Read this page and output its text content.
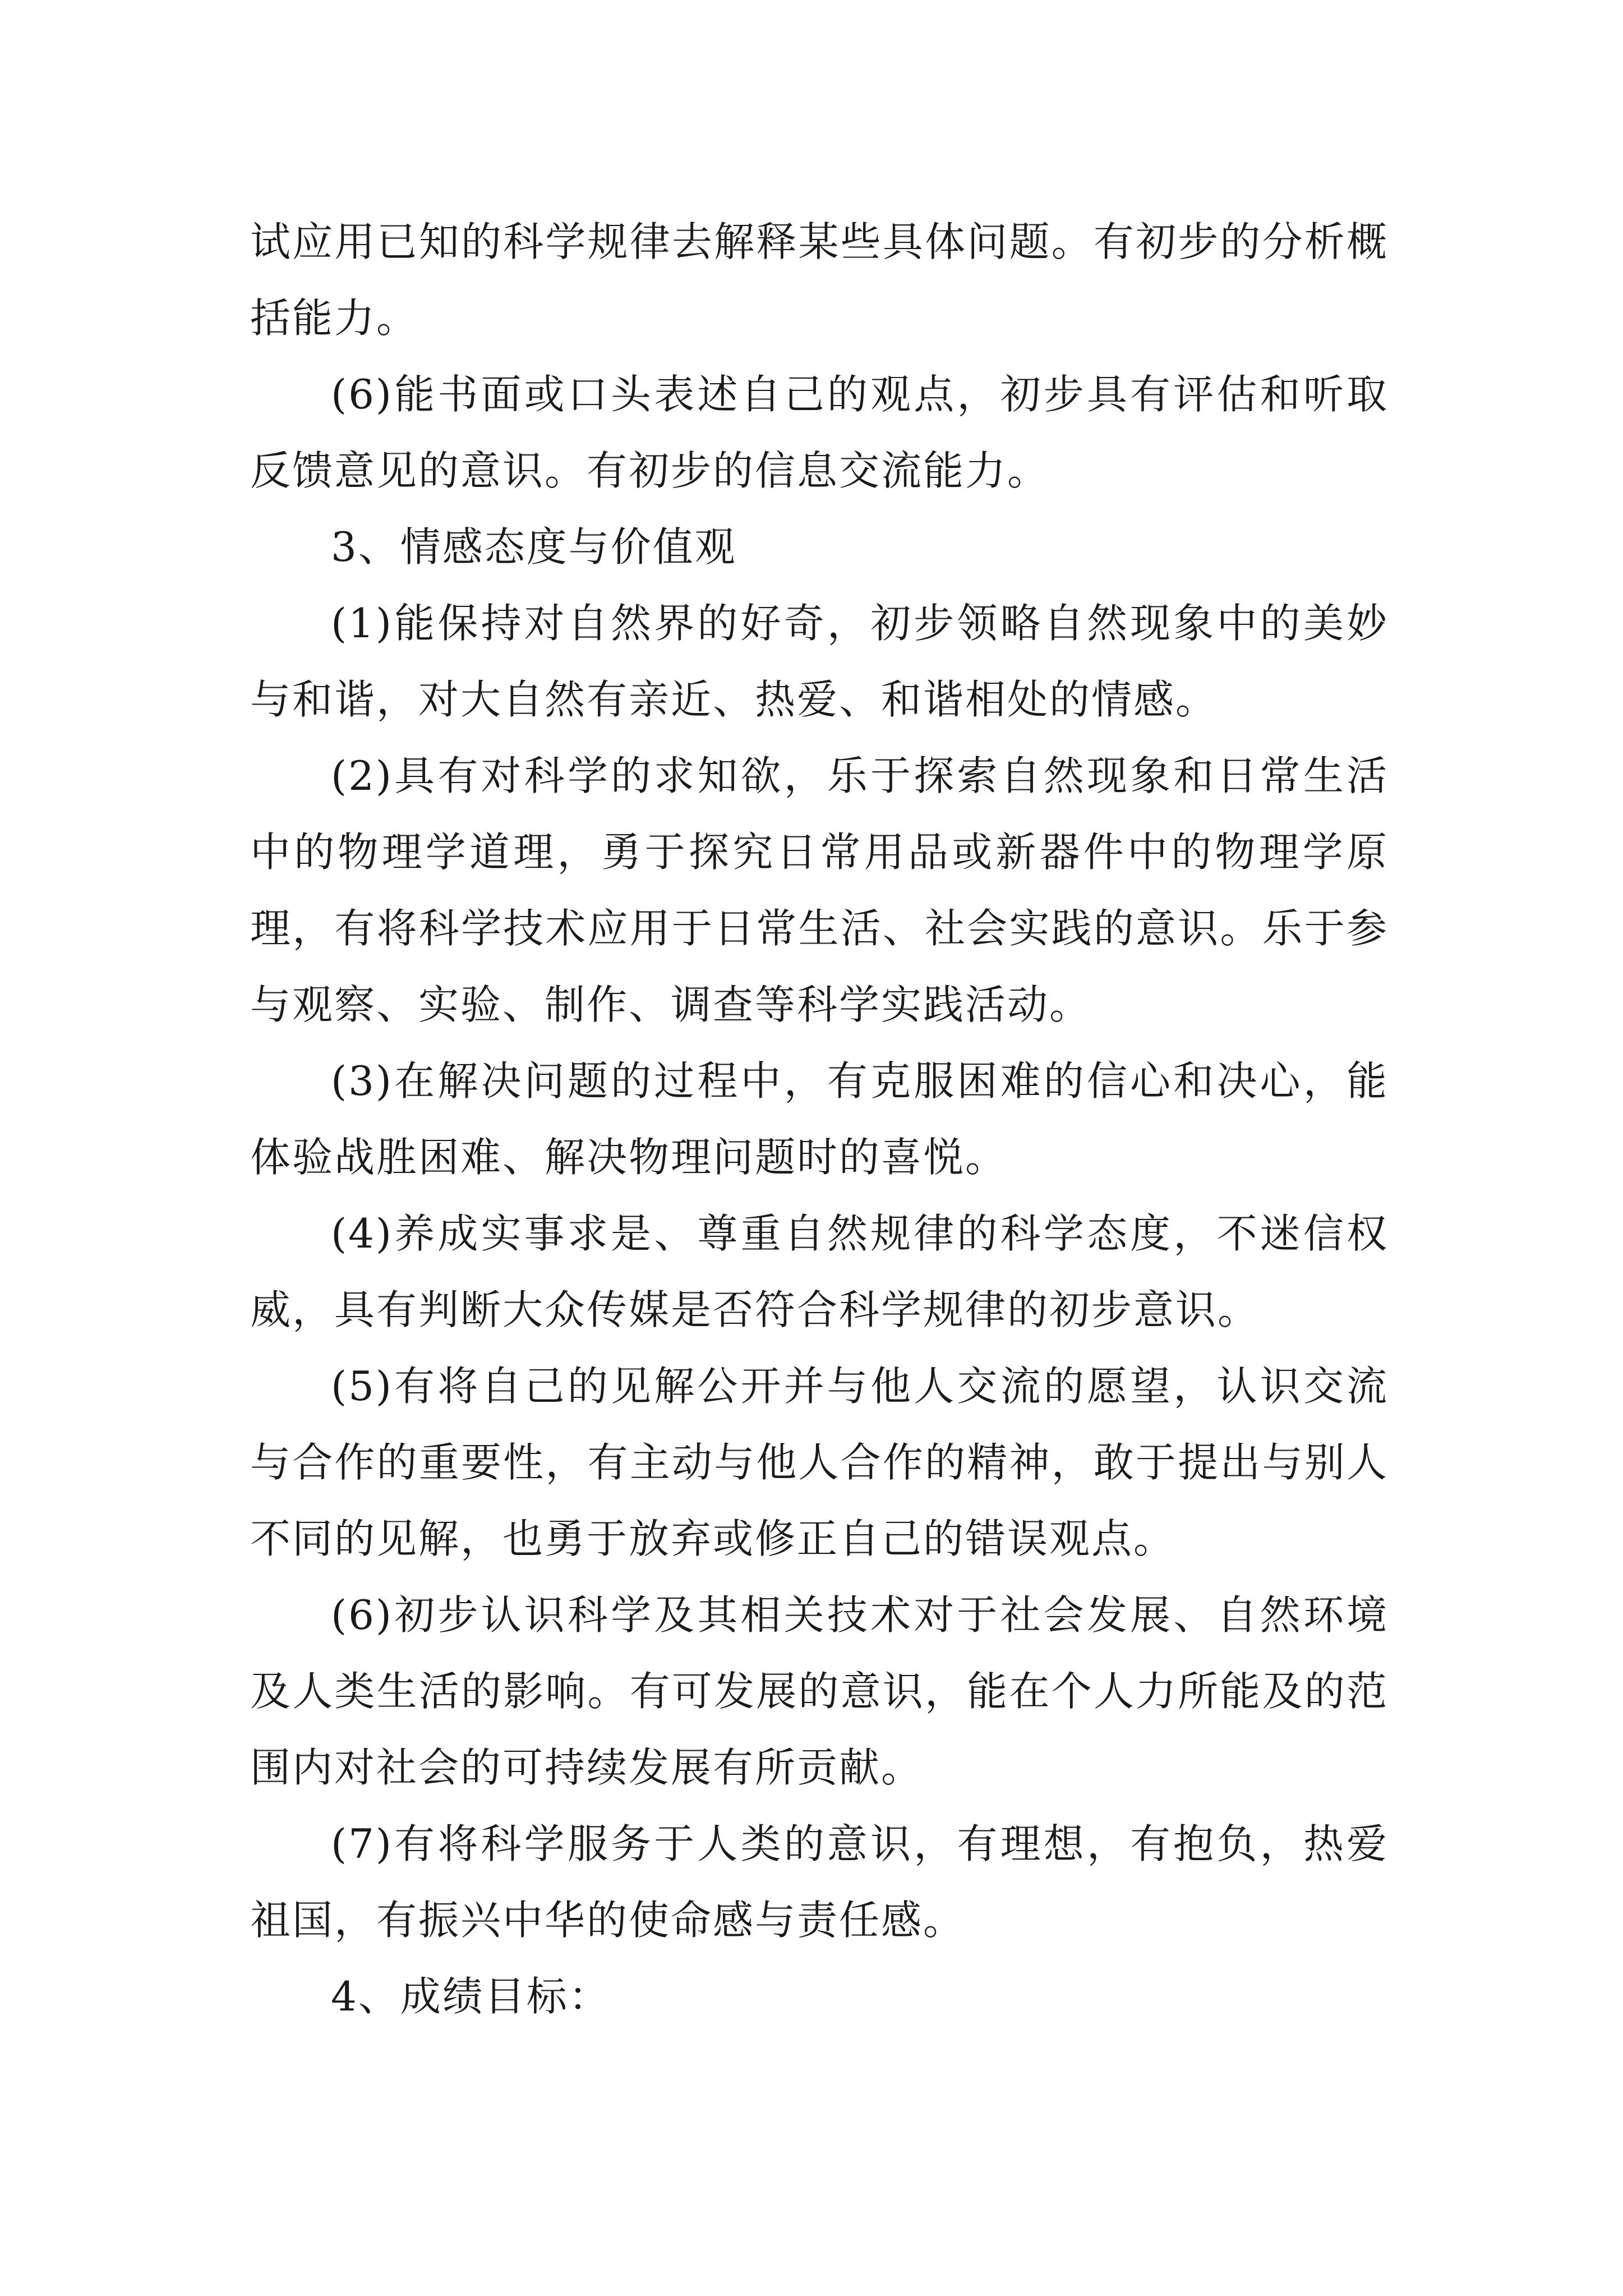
试应用已知的科学规律去解释某些具体问题。有初步的分析概括能力。

(6)能书面或口头表述自己的观点，初步具有评估和听取反馈意见的意识。有初步的信息交流能力。

3、情感态度与价值观

(1)能保持对自然界的好奇，初步领略自然现象中的美妙与和谐，对大自然有亲近、热爱、和谐相处的情感。

(2)具有对科学的求知欲，乐于探索自然现象和日常生活中的物理学道理，勇于探究日常用品或新器件中的物理学原理，有将科学技术应用于日常生活、社会实践的意识。乐于参与观察、实验、制作、调查等科学实践活动。

(3)在解决问题的过程中，有克服困难的信心和决心，能体验战胜困难、解决物理问题时的喜悦。

(4)养成实事求是、尊重自然规律的科学态度，不迷信权威，具有判断大众传媒是否符合科学规律的初步意识。

(5)有将自己的见解公开并与他人交流的愿望，认识交流与合作的重要性，有主动与他人合作的精神，敢于提出与别人不同的见解，也勇于放弃或修正自己的错误观点。

(6)初步认识科学及其相关技术对于社会发展、自然环境及人类生活的影响。有可发展的意识，能在个人力所能及的范围内对社会的可持续发展有所贡献。

(7)有将科学服务于人类的意识，有理想，有抱负，热爱祖国，有振兴中华的使命感与责任感。

4、成绩目标：
